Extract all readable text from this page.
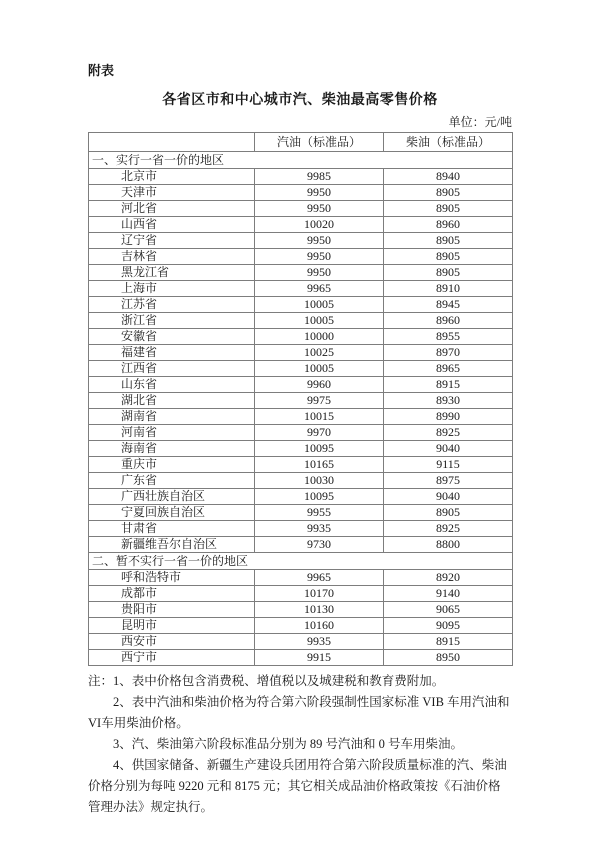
附表
各省区市和中心城市汽、柴油最高零售价格
单位：元/吨
	汽油（标准品）	柴油（标准品）
一、实行一省一价的地区		
北京市	9985	8940
天津市	9950	8905
河北省	9950	8905
山西省	10020	8960
辽宁省	9950	8905
吉林省	9950	8905
黑龙江省	9950	8905
上海市	9965	8910
江苏省	10005	8945
浙江省	10005	8960
安徽省	10000	8955
福建省	10025	8970
江西省	10005	8965
山东省	9960	8915
湖北省	9975	8930
湖南省	10015	8990
河南省	9970	8925
海南省	10095	9040
重庆市	10165	9115
广东省	10030	8975
广西壮族自治区	10095	9040
宁夏回族自治区	9955	8905
甘肃省	9935	8925
新疆维吾尔自治区	9730	8800
二、暂不实行一省一价的地区		
呼和浩特市	9965	8920
成都市	10170	9140
贵阳市	10130	9065
昆明市	10160	9095
西安市	9935	8915
西宁市	9915	8950

注：1、表中价格包含消费税、增值税以及城建税和教育费附加。

2、表中汽油和柴油价格为符合第六阶段强制性国家标准 VIB 车用汽油和VI车用柴油价格。

3、汽、柴油第六阶段标准品分别为 89 号汽油和 0 号车用柴油。

4、供国家储备、新疆生产建设兵团用符合第六阶段质量标准的汽、柴油价格分别为每吨 9220 元和 8175 元；其它相关成品油价格政策按《石油价格管理办法》规定执行。
